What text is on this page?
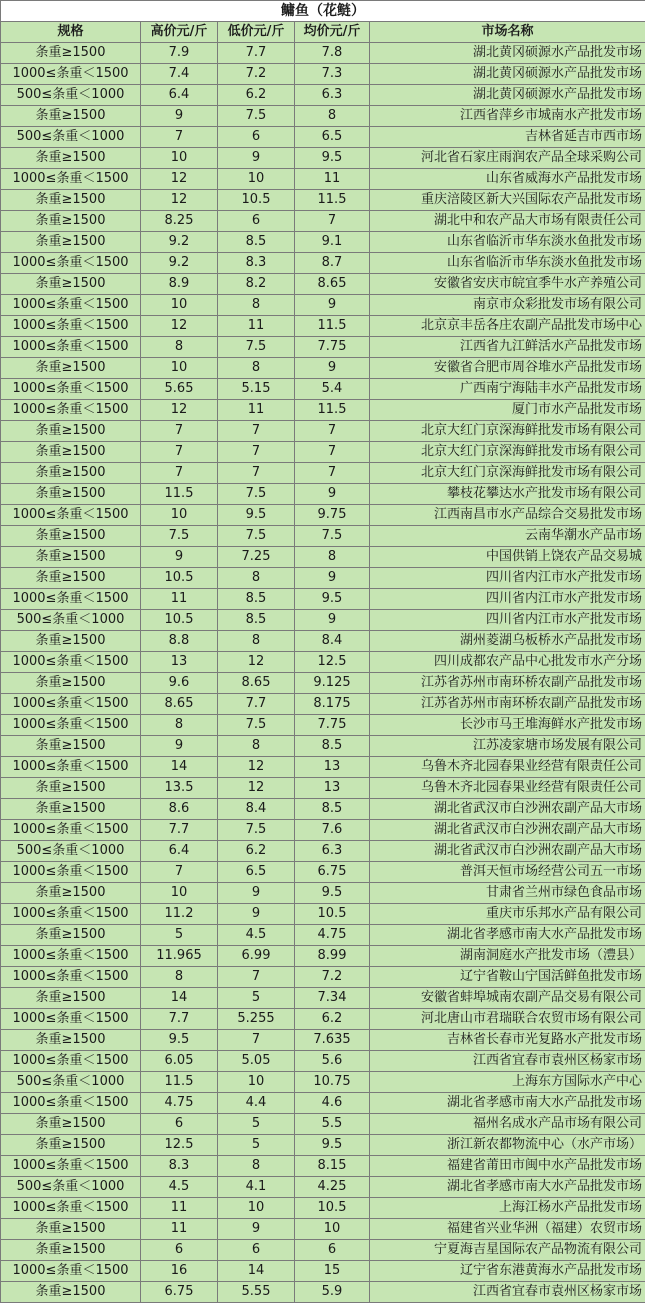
鳙鱼（花鲢）				
规格	高价元/斤	低价元/斤	均价元/斤	市场名称
条重≥1500	7.9	7.7	7.8	湖北黄冈硕源水产品批发市场
1000≤条重＜1500	7.4	7.2	7.3	湖北黄冈硕源水产品批发市场
500≤条重＜1000	6.4	6.2	6.3	湖北黄冈硕源水产品批发市场
条重≥1500	9	7.5	8	江西省萍乡市城南水产批发市场
500≤条重＜1000	7	6	6.5	吉林省延吉市西市场
条重≥1500	10	9	9.5	河北省石家庄雨润农产品全球采购公司
1000≤条重＜1500	12	10	11	山东省威海水产品批发市场
条重≥1500	12	10.5	11.5	重庆涪陵区新大兴国际农产品批发市场
条重≥1500	8.25	6	7	湖北中和农产品大市场有限责任公司
条重≥1500	9.2	8.5	9.1	山东省临沂市华东淡水鱼批发市场
1000≤条重＜1500	9.2	8.3	8.7	山东省临沂市华东淡水鱼批发市场
条重≥1500	8.9	8.2	8.65	安徽省安庆市皖宜季牛水产养殖公司
1000≤条重＜1500	10	8	9	南京市众彩批发市场有限公司
1000≤条重＜1500	12	11	11.5	北京京丰岳各庄农副产品批发市场中心
1000≤条重＜1500	8	7.5	7.75	江西省九江鲜活水产品批发市场
条重≥1500	10	8	9	安徽省合肥市周谷堆水产品批发市场
1000≤条重＜1500	5.65	5.15	5.4	广西南宁海陆丰水产品批发市场
1000≤条重＜1500	12	11	11.5	厦门市水产品批发市场
条重≥1500	7	7	7	北京大红门京深海鲜批发市场有限公司
条重≥1500	7	7	7	北京大红门京深海鲜批发市场有限公司
条重≥1500	7	7	7	北京大红门京深海鲜批发市场有限公司
条重≥1500	11.5	7.5	9	攀枝花攀达水产批发市场有限公司
1000≤条重＜1500	10	9.5	9.75	江西南昌市水产品综合交易批发市场
条重≥1500	7.5	7.5	7.5	云南华潮水产品市场
条重≥1500	9	7.25	8	中国供销上饶农产品交易城
条重≥1500	10.5	8	9	四川省内江市水产批发市场
1000≤条重＜1500	11	8.5	9.5	四川省内江市水产批发市场
500≤条重＜1000	10.5	8.5	9	四川省内江市水产批发市场
条重≥1500	8.8	8	8.4	湖州菱湖乌板桥水产品批发市场
1000≤条重＜1500	13	12	12.5	四川成都农产品中心批发市水产分场
条重≥1500	9.6	8.65	9.125	江苏省苏州市南环桥农副产品批发市场
1000≤条重＜1500	8.65	7.7	8.175	江苏省苏州市南环桥农副产品批发市场
1000≤条重＜1500	8	7.5	7.75	长沙市马王堆海鲜水产批发市场
条重≥1500	9	8	8.5	江苏凌家塘市场发展有限公司
1000≤条重＜1500	14	12	13	乌鲁木齐北园春果业经营有限责任公司
条重≥1500	13.5	12	13	乌鲁木齐北园春果业经营有限责任公司
条重≥1500	8.6	8.4	8.5	湖北省武汉市白沙洲农副产品大市场
1000≤条重＜1500	7.7	7.5	7.6	湖北省武汉市白沙洲农副产品大市场
500≤条重＜1000	6.4	6.2	6.3	湖北省武汉市白沙洲农副产品大市场
1000≤条重＜1500	7	6.5	6.75	普洱天恒市场经营公司五一市场
条重≥1500	10	9	9.5	甘肃省兰州市绿色食品市场
1000≤条重＜1500	11.2	9	10.5	重庆市乐邦水产品有限公司
条重≥1500	5	4.5	4.75	湖北省孝感市南大水产品批发市场
1000≤条重＜1500	11.965	6.99	8.99	湖南洞庭水产批发市场（澧县）
1000≤条重＜1500	8	7	7.2	辽宁省鞍山宁国活鲜鱼批发市场
条重≥1500	14	5	7.34	安徽省蚌埠城南农副产品交易有限公司
1000≤条重＜1500	7.7	5.255	6.2	河北唐山市君瑞联合农贸市场有限公司
条重≥1500	9.5	7	7.635	吉林省长春市光复路水产批发市场
1000≤条重＜1500	6.05	5.05	5.6	江西省宜春市袁州区杨家市场
500≤条重＜1000	11.5	10	10.75	上海东方国际水产中心
1000≤条重＜1500	4.75	4.4	4.6	湖北省孝感市南大水产品批发市场
条重≥1500	6	5	5.5	福州名成水产品市场有限公司
条重≥1500	12.5	5	9.5	浙江新农都物流中心（水产市场）
1000≤条重＜1500	8.3	8	8.15	福建省莆田市闽中水产品批发市场
500≤条重＜1000	4.5	4.1	4.25	湖北省孝感市南大水产品批发市场
1000≤条重＜1500	11	10	10.5	上海江杨水产品批发市场
条重≥1500	11	9	10	福建省兴业华洲（福建）农贸市场
条重≥1500	6	6	6	宁夏海吉星国际农产品物流有限公司
1000≤条重＜1500	16	14	15	辽宁省东港黄海水产品批发市场
条重≥1500	6.75	5.55	5.9	江西省宜春市袁州区杨家市场
